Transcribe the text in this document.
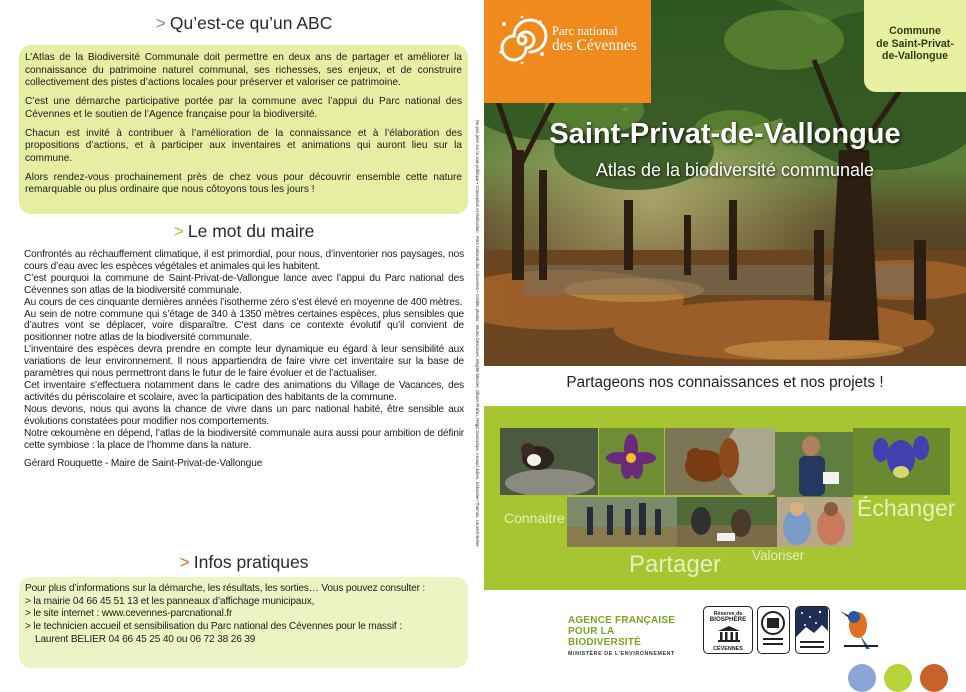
> Qu’est-ce qu’un ABC

L’Atlas de la Biodiversité Communale doit permettre en deux ans de partager et améliorer la connaissance du patrimoine naturel communal, ses richesses, ses enjeux, et de construire collectivement des pistes d’actions locales pour préserver et valoriser ce patrimoine.

C’est une démarche participative portée par la commune avec l’appui du Parc national des Cévennes et le soutien de l’Agence française pour la biodiversité.

Chacun est invité à contribuer à l’amélioration de la connaissance et à l’élaboration des propositions d’actions, et à participer aux inventaires et animations qui auront lieu sur la commune.

Alors rendez-vous prochainement près de chez vous pour découvrir ensemble cette nature remarquable ou plus ordinaire que nous côtoyons tous les jours !

> Le mot du maire

Confrontés au réchauffement climatique, il est primordial, pour nous, d’inventorier nos paysages, nos cours d’eau avec les espèces végétales et animales qui les habitent.

C’est pourquoi la commune de Saint-Privat-de-Vallongue lance avec l’appui du Parc national des Cévennes son atlas de la biodiversité communale.

Au cours de ces cinquante dernières années l’isotherme zéro s’est élevé en moyenne de 400 mètres.

Au sein de notre commune qui s’étage de 340 à 1350 mètres certaines espèces, plus sensibles que d’autres vont se déplacer, voire disparaître. C’est dans ce contexte évolutif qu’il convient de positionner notre atlas de la biodiversité communale.

L’inventaire des espèces devra prendre en compte leur dynamique eu égard à leur sensibilité aux variations de leur environnement. Il nous appartiendra de faire vivre cet inventaire sur la base de paramètres qui nous permettront dans le futur de le faire évoluer et de l’actualiser.

Cet inventaire s’effectuera notamment dans le cadre des animations du Village de Vacances, des activités du périscolaire et scolaire, avec la participation des habitants de la commune.

Nous devons, nous qui avons la chance de vivre dans un parc national habité, être sensible aux évolutions constatées pour modifier nos comportements.

Notre œkoumène en dépend, l’atlas de la biodiversité communale aura aussi pour ambition de définir cette symbiose : la place de l’homme dans la nature.

Gérard Rouquette - Maire de Saint-Privat-de-Vallongue

> Infos pratiques

Pour plus d’informations sur la démarche, les résultats, les sorties… Vous pouvez consulter :

> la mairie 04 66 45 51 13 et les panneaux d’affichage municipaux,

> le site internet : www.cevennes-parcnational.fr

> le technicien accueil et sensibilisation du Parc national des Cévennes pour le massif :

Laurent BELIER 04 66 45 25 40 ou 06 72 38 26 39

Ne pas jeter sur la voie publique • Conception et réalisation : Parc national des Cévennes • Crédits photos : Bruno Descaves, Brigitte Mercier, Olivier Prohin, Régis Descamps, Arnaud Julien, Sébastien Thomas, Laurent Belier.
Parc national
des Cévennes
Commune
de Saint-Privat-
de-Vallongue
Saint-Privat-de-Vallongue
Atlas de la biodiversité communale
Partageons nos connaissances et nos projets !
Connaitre
Partager Valoriser
Échanger
AGENCE FRANÇAISE
POUR LA BIODIVERSITÉ
MINISTÈRE DE L’ENVIRONNEMENT
Réserve de
BIOSPHÈRE
CÉVENNES
